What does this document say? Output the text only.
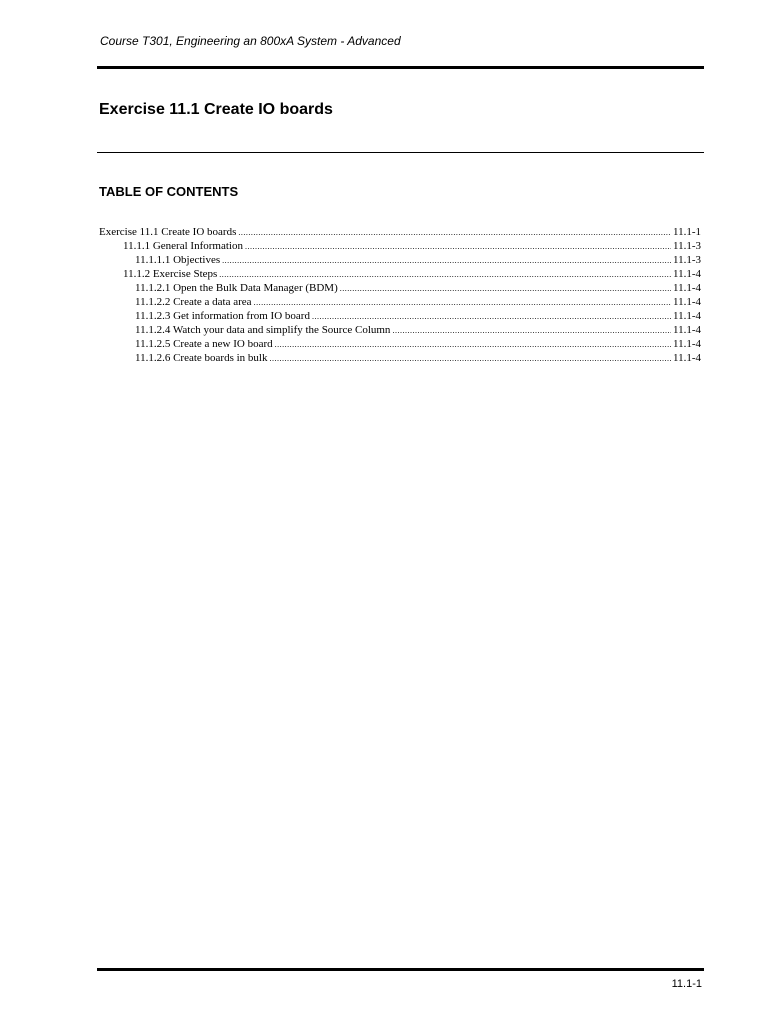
Course T301, Engineering an 800xA System - Advanced
Exercise 11.1 Create IO boards
TABLE OF CONTENTS
Exercise 11.1 Create IO boards .....	11.1-1
11.1.1 General Information .....	11.1-3
11.1.1.1 Objectives .....	11.1-3
11.1.2 Exercise Steps .....	11.1-4
11.1.2.1 Open the Bulk Data Manager (BDM) .....	11.1-4
11.1.2.2 Create a data area .....	11.1-4
11.1.2.3 Get information from IO board .....	11.1-4
11.1.2.4 Watch your data and simplify the Source Column .....	11.1-4
11.1.2.5 Create a new IO board .....	11.1-4
11.1.2.6 Create boards in bulk .....	11.1-4
11.1-1
